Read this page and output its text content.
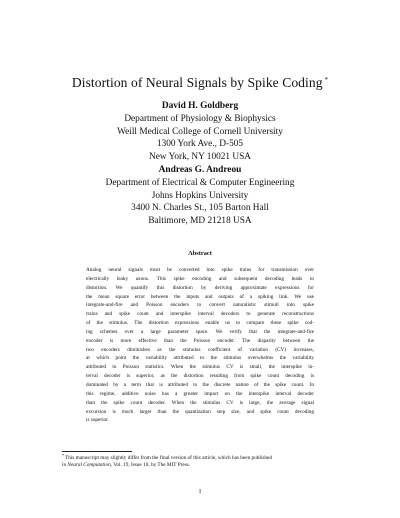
Distortion of Neural Signals by Spike Coding *
David H. Goldberg
Department of Physiology & Biophysics
Weill Medical College of Cornell University
1300 York Ave., D-505
New York, NY 10021 USA
Andreas G. Andreou
Department of Electrical & Computer Engineering
Johns Hopkins University
3400 N. Charles St., 105 Barton Hall
Baltimore, MD 21218 USA
Abstract
Analog neural signals must be converted into spike trains for transmission over
electrically leaky axons. This spike encoding and subsequent decoding leads to
distortion. We quantify this distortion by deriving approximate expressions for
the mean square error between the inputs and outputs of a spiking link. We use
integrate-and-fire and Poisson encoders to convert naturalistic stimuli into spike
trains and spike count and interspike interval decoders to generate reconstructions
of the stimulus. The distortion expressions enable us to compare these spike cod-
ing schemes over a large parameter space. We verify that the integrate-and-fire
encoder is more effective than the Poisson encoder. The disparity between the
two encoders diminishes as the stimulus coefficient of variation (CV) increases,
at which point the variability attributed to the stimulus overwhelms the variability
attributed to Poisson statistics. When the stimulus CV is small, the interspike in-
terval decoder is superior, as the distortion resulting from spike count decoding is
dominated by a term that is attributed to the discrete nature of the spike count. In
this regime, additive noise has a greater impact on the interspike interval decoder
than the spike count decoder. When the stimulus CV is large, the average signal
excursion is much larger than the quantization step size, and spike count decoding
is superior.
*This manuscript may slightly differ from the final version of this article, which has been published
in Neural Computation, Vol. 19, Issue 10, by The MIT Press.
1
